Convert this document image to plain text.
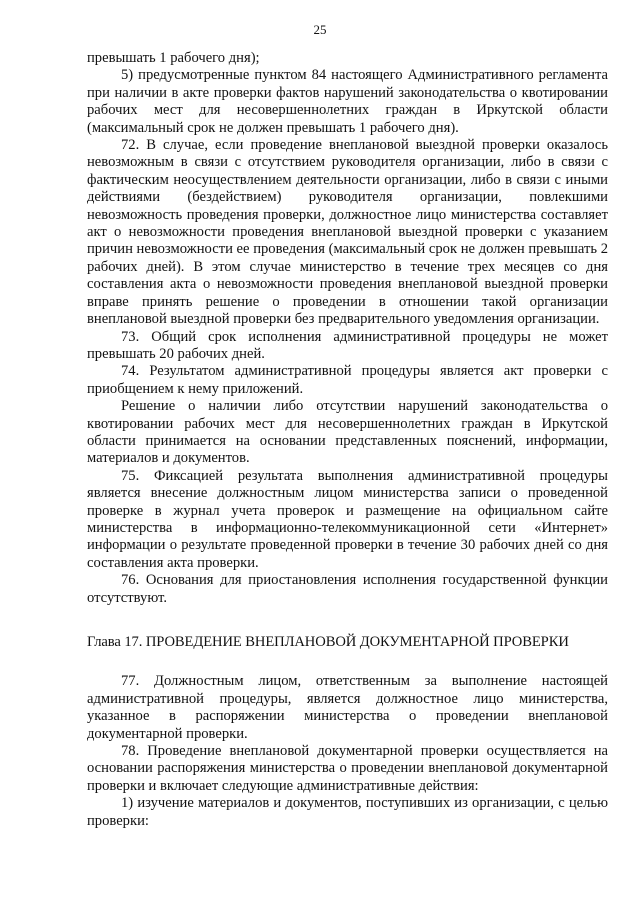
25

превышать 1 рабочего дня);

5) предусмотренные пунктом 84 настоящего Административного регламента при наличии в акте проверки фактов нарушений законодательства о квотировании рабочих мест для несовершеннолетних граждан в Иркутской области (максимальный срок не должен превышать 1 рабочего дня).

72. В случае, если проведение внеплановой выездной проверки оказалось невозможным в связи с отсутствием руководителя организации, либо в связи с фактическим неосуществлением деятельности организации, либо в связи с иными действиями (бездействием) руководителя организации, повлекшими невозможность проведения проверки, должностное лицо министерства составляет акт о невозможности проведения внеплановой выездной проверки с указанием причин невозможности ее проведения (максимальный срок не должен превышать 2 рабочих дней). В этом случае министерство в течение трех месяцев со дня составления акта о невозможности проведения внеплановой выездной проверки вправе принять решение о проведении в отношении такой организации внеплановой выездной проверки без предварительного уведомления организации.

73. Общий срок исполнения административной процедуры не может превышать 20 рабочих дней.

74. Результатом административной процедуры является акт проверки с приобщением к нему приложений.

Решение о наличии либо отсутствии нарушений законодательства о квотировании рабочих мест для несовершеннолетних граждан в Иркутской области принимается на основании представленных пояснений, информации, материалов и документов.

75. Фиксацией результата выполнения административной процедуры является внесение должностным лицом министерства записи о проведенной проверке в журнал учета проверок и размещение на официальном сайте министерства в информационно-телекоммуникационной сети «Интернет» информации о результате проведенной проверки в течение 30 рабочих дней со дня составления акта проверки.

76. Основания для приостановления исполнения государственной функции отсутствуют.

Глава 17. ПРОВЕДЕНИЕ ВНЕПЛАНОВОЙ ДОКУМЕНТАРНОЙ ПРОВЕРКИ

77. Должностным лицом, ответственным за выполнение настоящей административной процедуры, является должностное лицо министерства, указанное в распоряжении министерства о проведении внеплановой документарной проверки.

78. Проведение внеплановой документарной проверки осуществляется на основании распоряжения министерства о проведении внеплановой документарной проверки и включает следующие административные действия:

1) изучение материалов и документов, поступивших из организации, с целью проверки:
